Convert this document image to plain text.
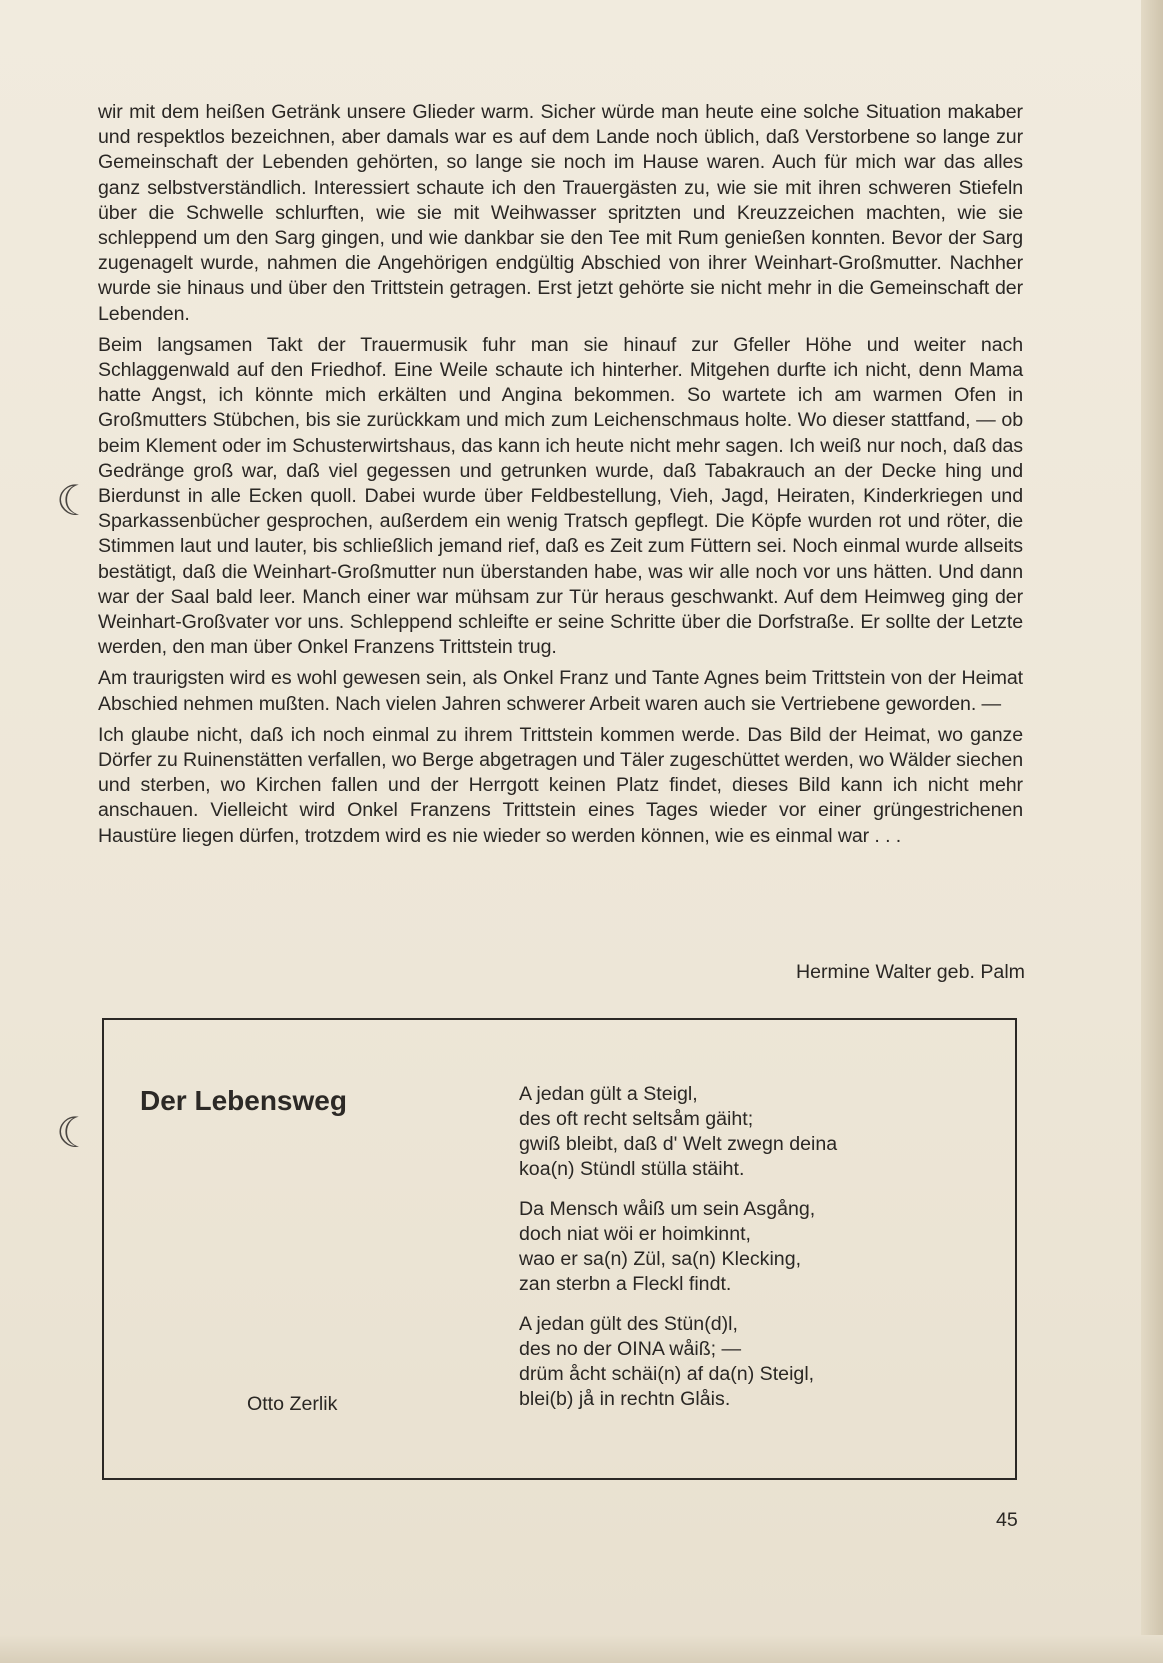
☾
☾

wir mit dem heißen Getränk unsere Glieder warm. Sicher würde man heute eine solche Situation makaber und respektlos bezeichnen, aber damals war es auf dem Lande noch üblich, daß Verstorbene so lange zur Gemeinschaft der Lebenden gehörten, so lange sie noch im Hause waren. Auch für mich war das alles ganz selbstverständlich. Interessiert schaute ich den Trauergästen zu, wie sie mit ihren schweren Stiefeln über die Schwelle schlurften, wie sie mit Weihwasser spritzten und Kreuzzeichen machten, wie sie schleppend um den Sarg gingen, und wie dankbar sie den Tee mit Rum genießen konnten. Bevor der Sarg zugenagelt wurde, nahmen die Angehörigen endgültig Abschied von ihrer Weinhart-Großmutter. Nachher wurde sie hinaus und über den Trittstein getragen. Erst jetzt gehörte sie nicht mehr in die Gemeinschaft der Lebenden.

Beim langsamen Takt der Trauermusik fuhr man sie hinauf zur Gfeller Höhe und weiter nach Schlaggenwald auf den Friedhof. Eine Weile schaute ich hinterher. Mitgehen durfte ich nicht, denn Mama hatte Angst, ich könnte mich erkälten und Angina bekommen. So wartete ich am warmen Ofen in Großmutters Stübchen, bis sie zurückkam und mich zum Leichenschmaus holte. Wo dieser stattfand, — ob beim Klement oder im Schusterwirtshaus, das kann ich heute nicht mehr sagen. Ich weiß nur noch, daß das Gedränge groß war, daß viel gegessen und getrunken wurde, daß Tabakrauch an der Decke hing und Bierdunst in alle Ecken quoll. Dabei wurde über Feldbestellung, Vieh, Jagd, Heiraten, Kinderkriegen und Sparkassenbücher gesprochen, außerdem ein wenig Tratsch gepflegt. Die Köpfe wurden rot und röter, die Stimmen laut und lauter, bis schließlich jemand rief, daß es Zeit zum Füttern sei. Noch einmal wurde allseits bestätigt, daß die Weinhart-Großmutter nun überstanden habe, was wir alle noch vor uns hätten. Und dann war der Saal bald leer. Manch einer war mühsam zur Tür heraus geschwankt. Auf dem Heimweg ging der Weinhart-Großvater vor uns. Schleppend schleifte er seine Schritte über die Dorfstraße. Er sollte der Letzte werden, den man über Onkel Franzens Trittstein trug.

Am traurigsten wird es wohl gewesen sein, als Onkel Franz und Tante Agnes beim Trittstein von der Heimat Abschied nehmen mußten. Nach vielen Jahren schwerer Arbeit waren auch sie Vertriebene geworden. —

Ich glaube nicht, daß ich noch einmal zu ihrem Trittstein kommen werde. Das Bild der Heimat, wo ganze Dörfer zu Ruinenstätten verfallen, wo Berge abgetragen und Täler zugeschüttet werden, wo Wälder siechen und sterben, wo Kirchen fallen und der Herrgott keinen Platz findet, dieses Bild kann ich nicht mehr anschauen. Vielleicht wird Onkel Franzens Trittstein eines Tages wieder vor einer grüngestrichenen Haustüre liegen dürfen, trotzdem wird es nie wieder so werden können, wie es einmal war . . .

Hermine Walter geb. Palm
Der Lebensweg
Otto Zerlik
A jedan gült a Steigl,
des oft recht seltsåm gäiht;
gwiß bleibt, daß d' Welt zwegn deina
koa(n) Stündl stülla stäiht.
Da Mensch wåiß um sein Asgång,
doch niat wöi er hoimkinnt,
wao er sa(n) Zül, sa(n) Klecking,
zan sterbn a Fleckl findt.
A jedan gült des Stün(d)l,
des no der OINA wåiß; —
drüm åcht schäi(n) af da(n) Steigl,
blei(b) jå in rechtn Glåis.
45
